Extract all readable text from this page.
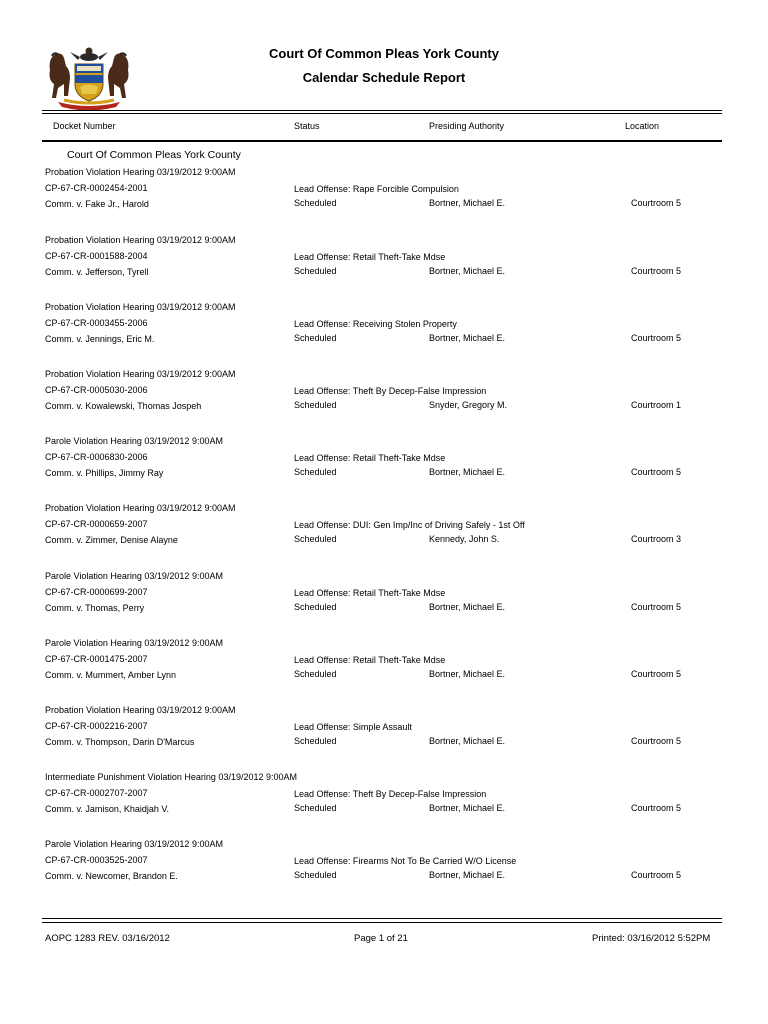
Court Of Common Pleas York County
Calendar Schedule Report
Docket Number	Status	Presiding Authority	Location
Court Of Common Pleas York County
Probation Violation Hearing 03/19/2012 9:00AM
CP-67-CR-0002454-2001
Comm. v. Fake Jr., Harold
Lead Offense: Rape Forcible Compulsion
Scheduled	Bortner, Michael E.	Courtroom 5
Probation Violation Hearing 03/19/2012 9:00AM
CP-67-CR-0001588-2004
Comm. v. Jefferson, Tyrell
Lead Offense: Retail Theft-Take Mdse
Scheduled	Bortner, Michael E.	Courtroom 5
Probation Violation Hearing 03/19/2012 9:00AM
CP-67-CR-0003455-2006
Comm. v. Jennings, Eric M.
Lead Offense: Receiving Stolen Property
Scheduled	Bortner, Michael E.	Courtroom 5
Probation Violation Hearing 03/19/2012 9:00AM
CP-67-CR-0005030-2006
Comm. v. Kowalewski, Thomas Jospeh
Lead Offense: Theft By Decep-False Impression
Scheduled	Snyder, Gregory M.	Courtroom 1
Parole Violation Hearing 03/19/2012 9:00AM
CP-67-CR-0006830-2006
Comm. v. Phillips, Jimmy Ray
Lead Offense: Retail Theft-Take Mdse
Scheduled	Bortner, Michael E.	Courtroom 5
Probation Violation Hearing 03/19/2012 9:00AM
CP-67-CR-0000659-2007
Comm. v. Zimmer, Denise Alayne
Lead Offense: DUI: Gen Imp/Inc of Driving Safely - 1st Off
Scheduled	Kennedy, John S.	Courtroom 3
Parole Violation Hearing 03/19/2012 9:00AM
CP-67-CR-0000699-2007
Comm. v. Thomas, Perry
Lead Offense: Retail Theft-Take Mdse
Scheduled	Bortner, Michael E.	Courtroom 5
Parole Violation Hearing 03/19/2012 9:00AM
CP-67-CR-0001475-2007
Comm. v. Mummert, Amber Lynn
Lead Offense: Retail Theft-Take Mdse
Scheduled	Bortner, Michael E.	Courtroom 5
Probation Violation Hearing 03/19/2012 9:00AM
CP-67-CR-0002216-2007
Comm. v. Thompson, Darin D'Marcus
Lead Offense: Simple Assault
Scheduled	Bortner, Michael E.	Courtroom 5
Intermediate Punishment Violation Hearing 03/19/2012 9:00AM
CP-67-CR-0002707-2007
Comm. v. Jamison, Khaidjah V.
Lead Offense: Theft By Decep-False Impression
Scheduled	Bortner, Michael E.	Courtroom 5
Parole Violation Hearing 03/19/2012 9:00AM
CP-67-CR-0003525-2007
Comm. v. Newcomer, Brandon E.
Lead Offense: Firearms Not To Be Carried W/O License
Scheduled	Bortner, Michael E.	Courtroom 5
AOPC 1283 REV. 03/16/2012	Page 1 of 21	Printed: 03/16/2012 5:52PM
